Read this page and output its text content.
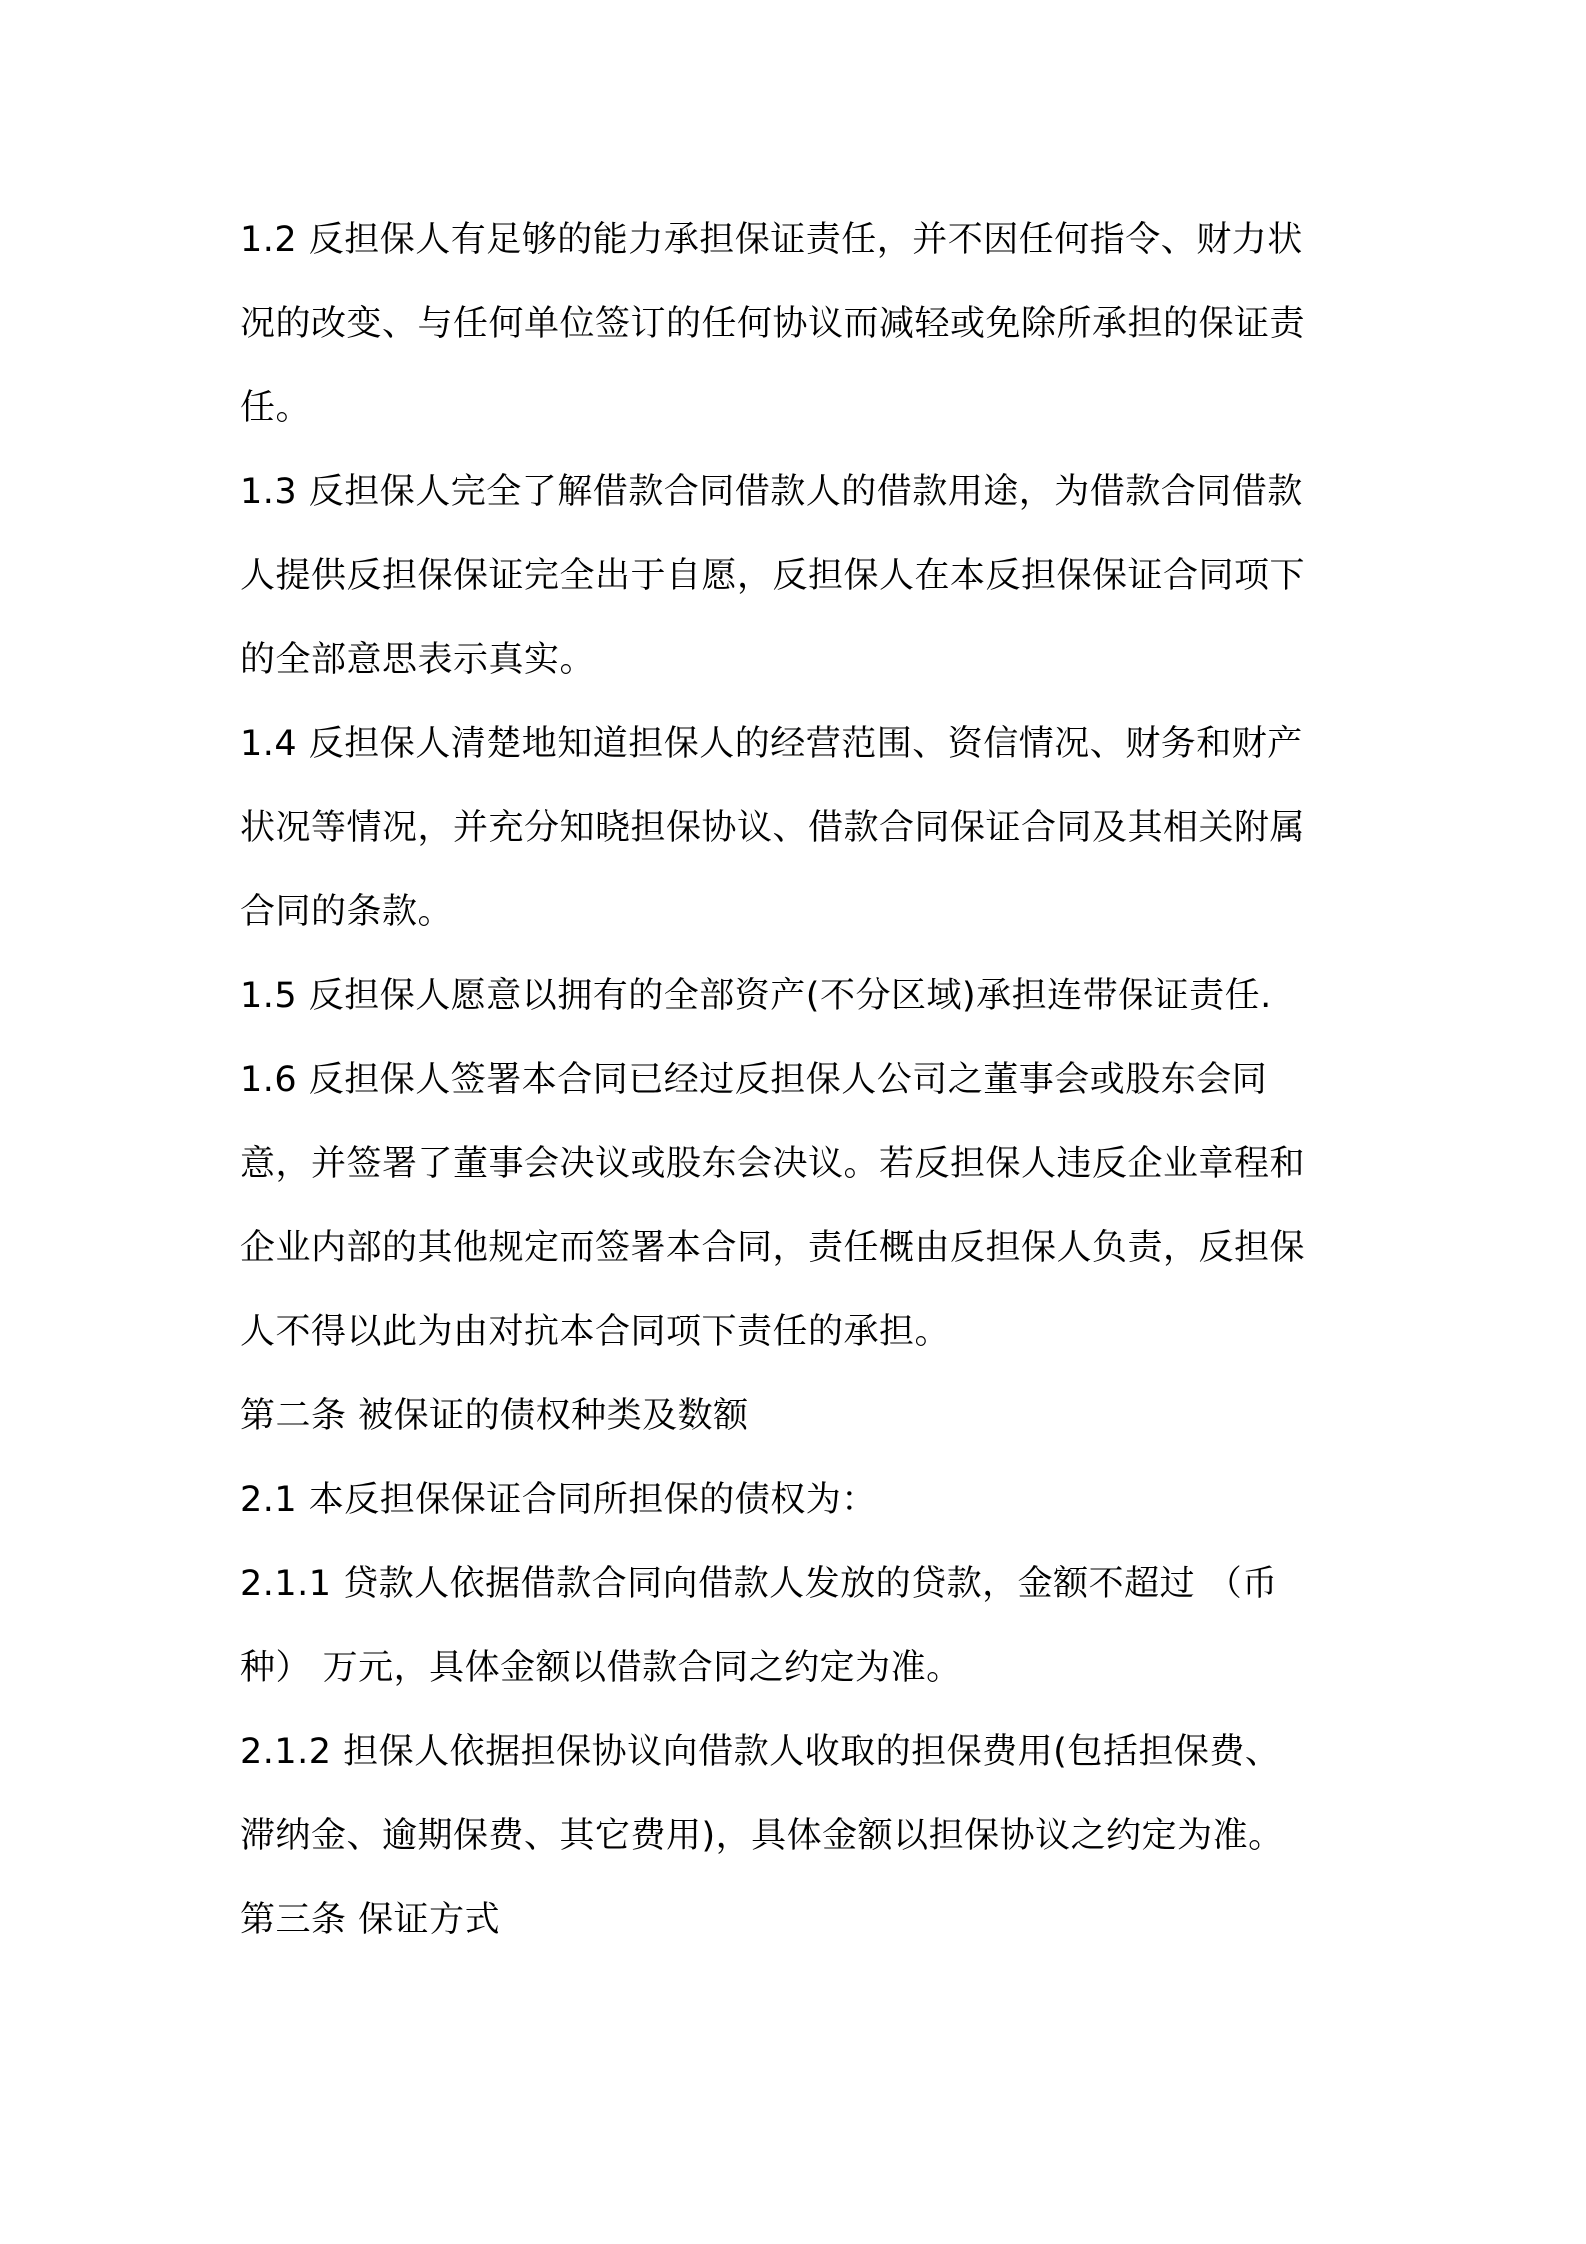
1.2 反担保人有足够的能力承担保证责任，并不因任何指令、财力状
况的改变、与任何单位签订的任何协议而减轻或免除所承担的保证责
任。

1.3 反担保人完全了解借款合同借款人的借款用途，为借款合同借款
人提供反担保保证完全出于自愿，反担保人在本反担保保证合同项下
的全部意思表示真实。

1.4 反担保人清楚地知道担保人的经营范围、资信情况、财务和财产
状况等情况，并充分知晓担保协议、借款合同保证合同及其相关附属
合同的条款。

1.5 反担保人愿意以拥有的全部资产(不分区域)承担连带保证责任.

1.6 反担保人签署本合同已经过反担保人公司之董事会或股东会同
意，并签署了董事会决议或股东会决议。若反担保人违反企业章程和
企业内部的其他规定而签署本合同，责任概由反担保人负责，反担保
人不得以此为由对抗本合同项下责任的承担。

第二条 被保证的债权种类及数额

2.1 本反担保保证合同所担保的债权为：

2.1.1 贷款人依据借款合同向借款人发放的贷款，金额不超过 （币
种） 万元，具体金额以借款合同之约定为准。

2.1.2 担保人依据担保协议向借款人收取的担保费用(包括担保费、
滞纳金、逾期保费、其它费用)，具体金额以担保协议之约定为准。

第三条 保证方式
